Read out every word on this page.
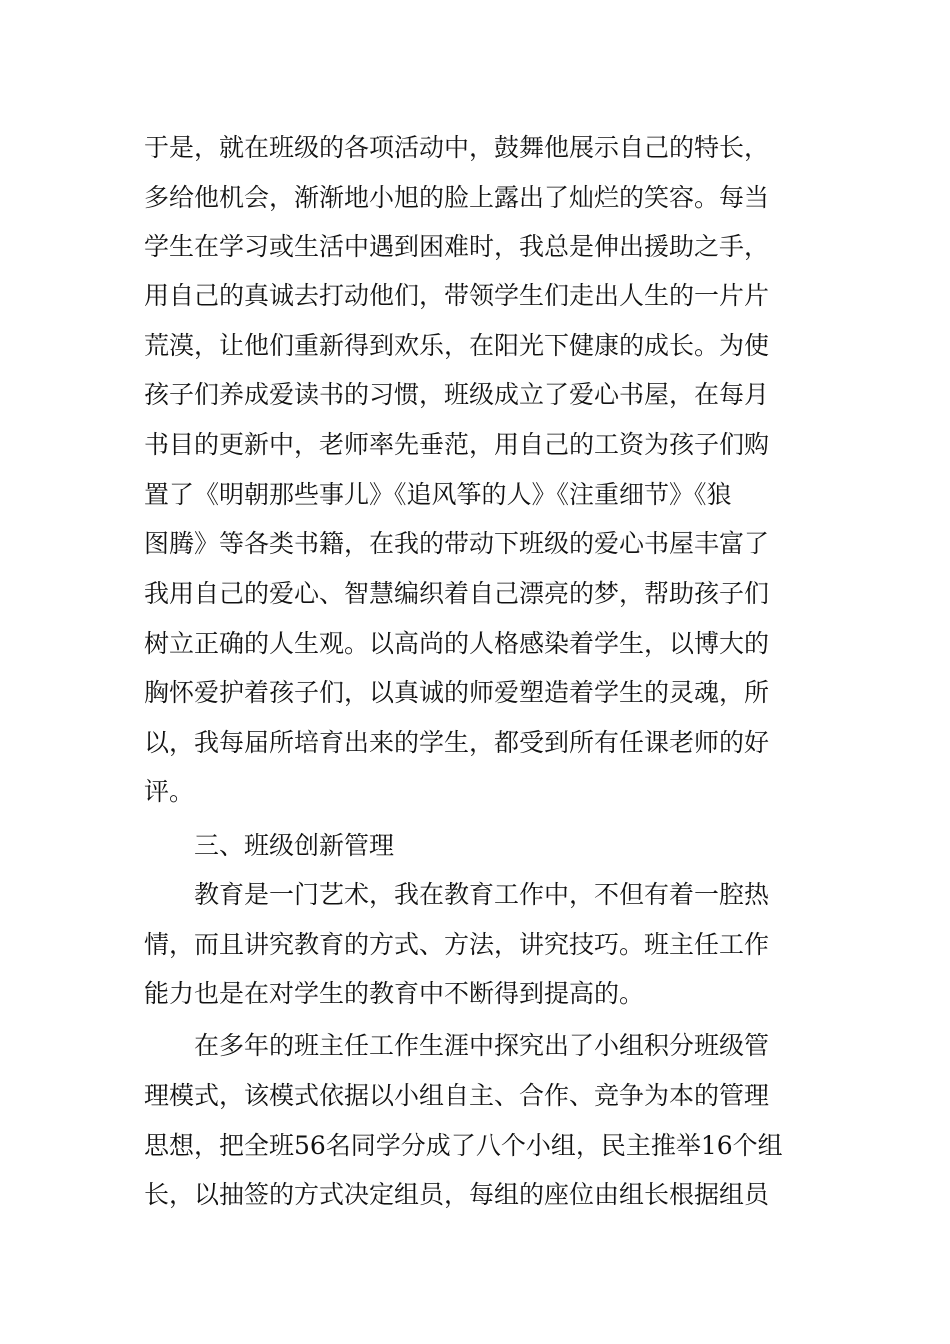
于是，就在班级的各项活动中，鼓舞他展示自己的特长，
多给他机会，渐渐地小旭的脸上露出了灿烂的笑容。每当
学生在学习或生活中遇到困难时，我总是伸出援助之手，
用自己的真诚去打动他们，带领学生们走出人生的一片片
荒漠，让他们重新得到欢乐，在阳光下健康的成长。为使
孩子们养成爱读书的习惯，班级成立了爱心书屋，在每月
书目的更新中，老师率先垂范，用自己的工资为孩子们购
置了《明朝那些事儿》《追风筝的人》《注重细节》《狼
图腾》等各类书籍，在我的带动下班级的爱心书屋丰富了
我用自己的爱心、智慧编织着自己漂亮的梦，帮助孩子们
树立正确的人生观。以高尚的人格感染着学生，以博大的
胸怀爱护着孩子们，以真诚的师爱塑造着学生的灵魂，所
以，我每届所培育出来的学生，都受到所有任课老师的好
评。
三、班级创新管理
教育是一门艺术，我在教育工作中，不但有着一腔热
情，而且讲究教育的方式、方法，讲究技巧。班主任工作
能力也是在对学生的教育中不断得到提高的。
在多年的班主任工作生涯中探究出了小组积分班级管
理模式，该模式依据以小组自主、合作、竞争为本的管理
思想，把全班56名同学分成了八个小组，民主推举16个组
长，以抽签的方式决定组员，每组的座位由组长根据组员
